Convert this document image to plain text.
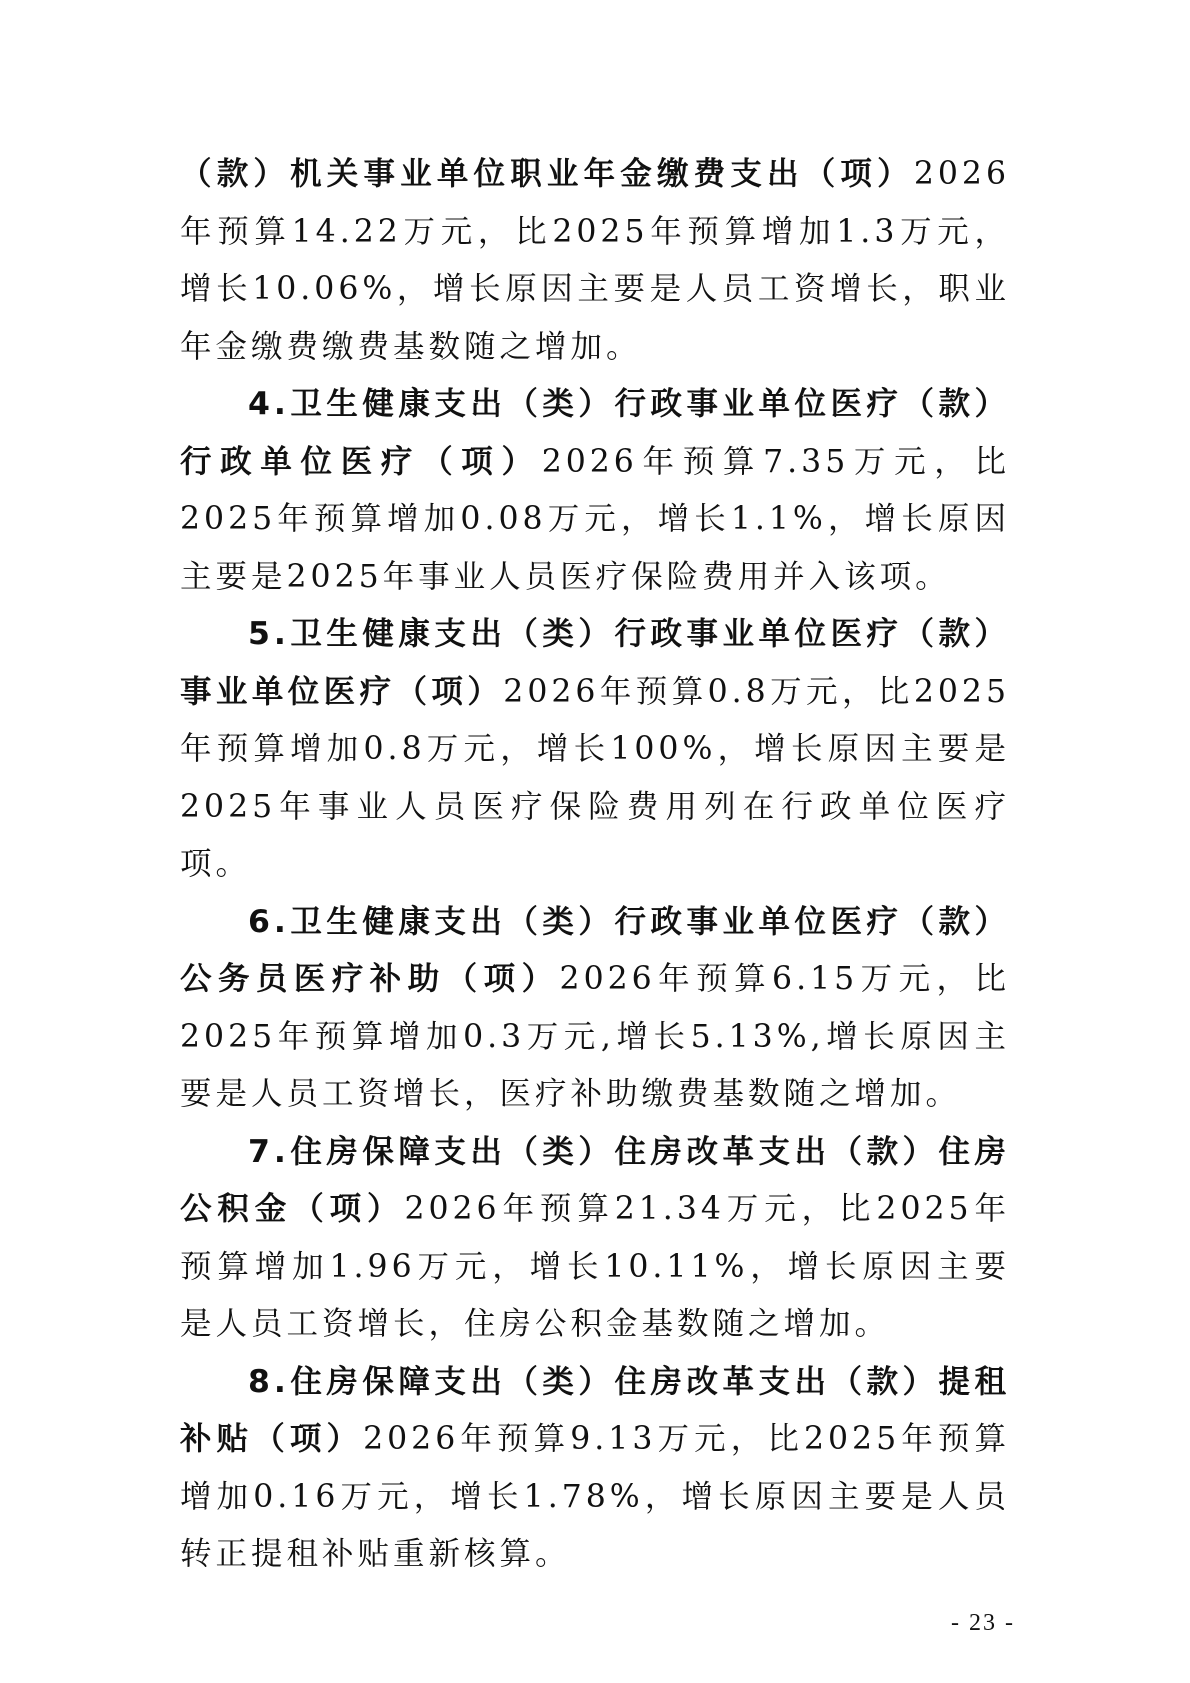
（款）机关事业单位职业年金缴费支出（项）2026年预算14.22万元，比2025年预算增加1.3万元，增长10.06%，增长原因主要是人员工资增长，职业年金缴费缴费基数随之增加。

4.卫生健康支出（类）行政事业单位医疗（款）行政单位医疗（项）2026年预算7.35万元，比2025年预算增加0.08万元，增长1.1%，增长原因主要是2025年事业人员医疗保险费用并入该项。

5.卫生健康支出（类）行政事业单位医疗（款）事业单位医疗（项）2026年预算0.8万元，比2025年预算增加0.8万元，增长100%，增长原因主要是2025年事业人员医疗保险费用列在行政单位医疗项。

6.卫生健康支出（类）行政事业单位医疗（款）公务员医疗补助（项）2026年预算6.15万元，比2025年预算增加0.3万元,增长5.13%,增长原因主要是人员工资增长，医疗补助缴费基数随之增加。

7.住房保障支出（类）住房改革支出（款）住房公积金（项）2026年预算21.34万元，比2025年预算增加1.96万元，增长10.11%，增长原因主要是人员工资增长，住房公积金基数随之增加。

8.住房保障支出（类）住房改革支出（款）提租补贴（项）2026年预算9.13万元，比2025年预算增加0.16万元，增长1.78%，增长原因主要是人员转正提租补贴重新核算。

- 23 -
